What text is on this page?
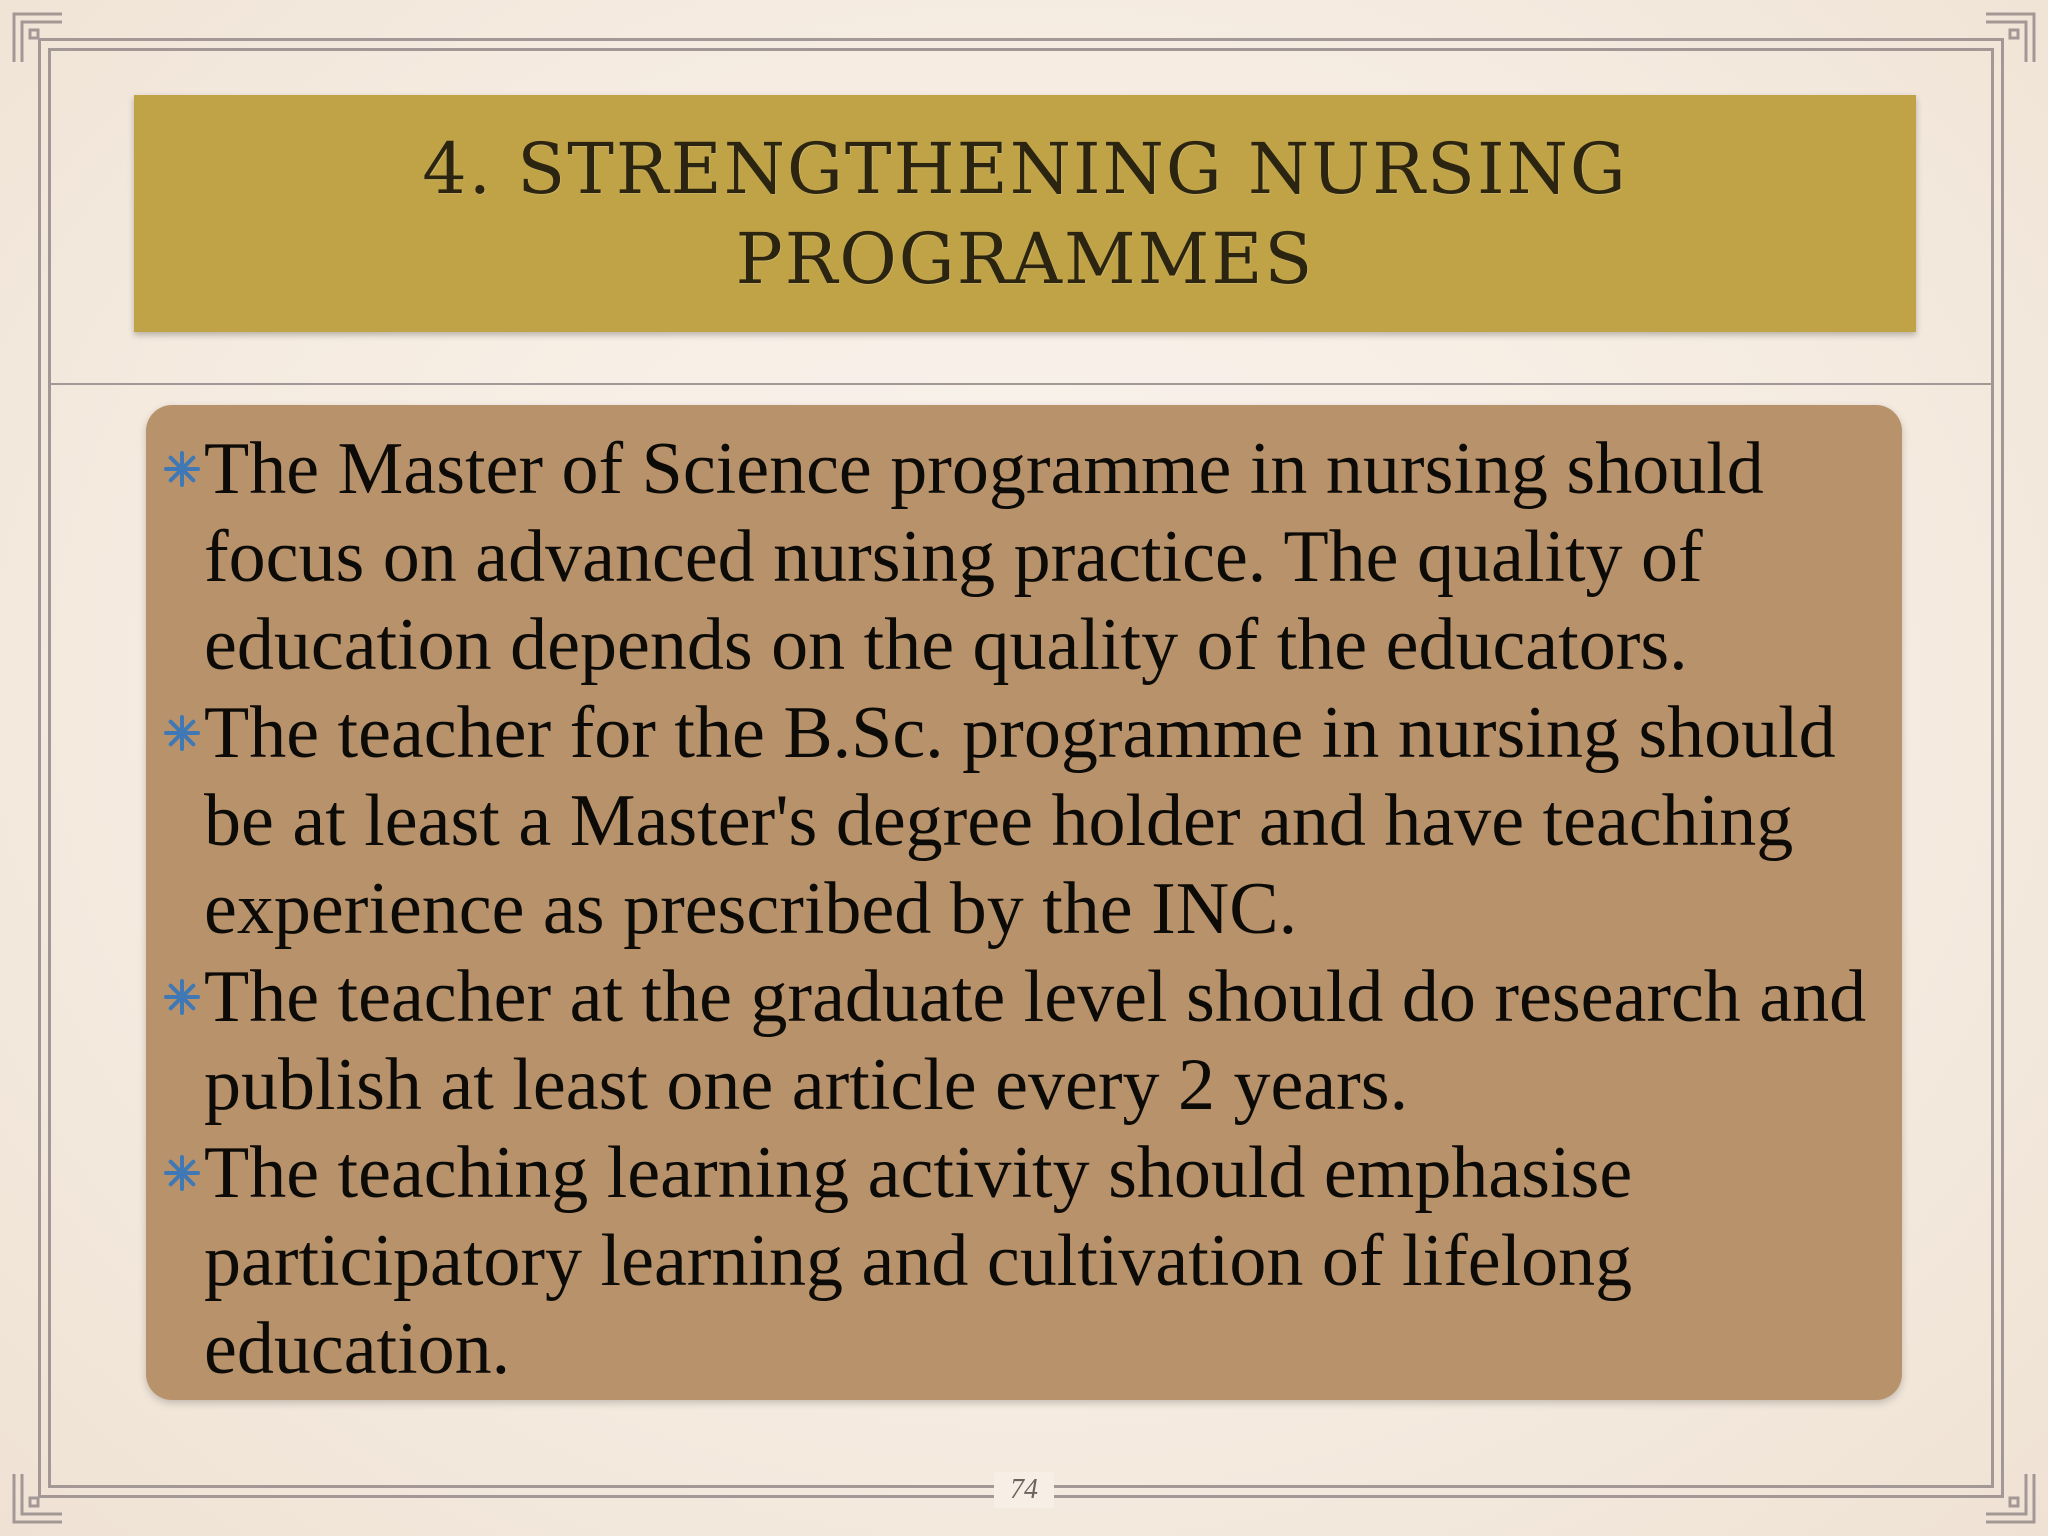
4. STRENGTHENING NURSING
PROGRAMMES
The Master of Science programme in nursing should focus on advanced nursing practice. The quality of education depends on the quality of the educators.
The teacher for the B.Sc. programme in nursing should be at least a Master's degree holder and have teaching experience as prescribed by the INC.
The teacher at the graduate level should do research and publish at least one article every 2 years.
The teaching learning activity should emphasise participatory learning and cultivation of lifelong education.
74
